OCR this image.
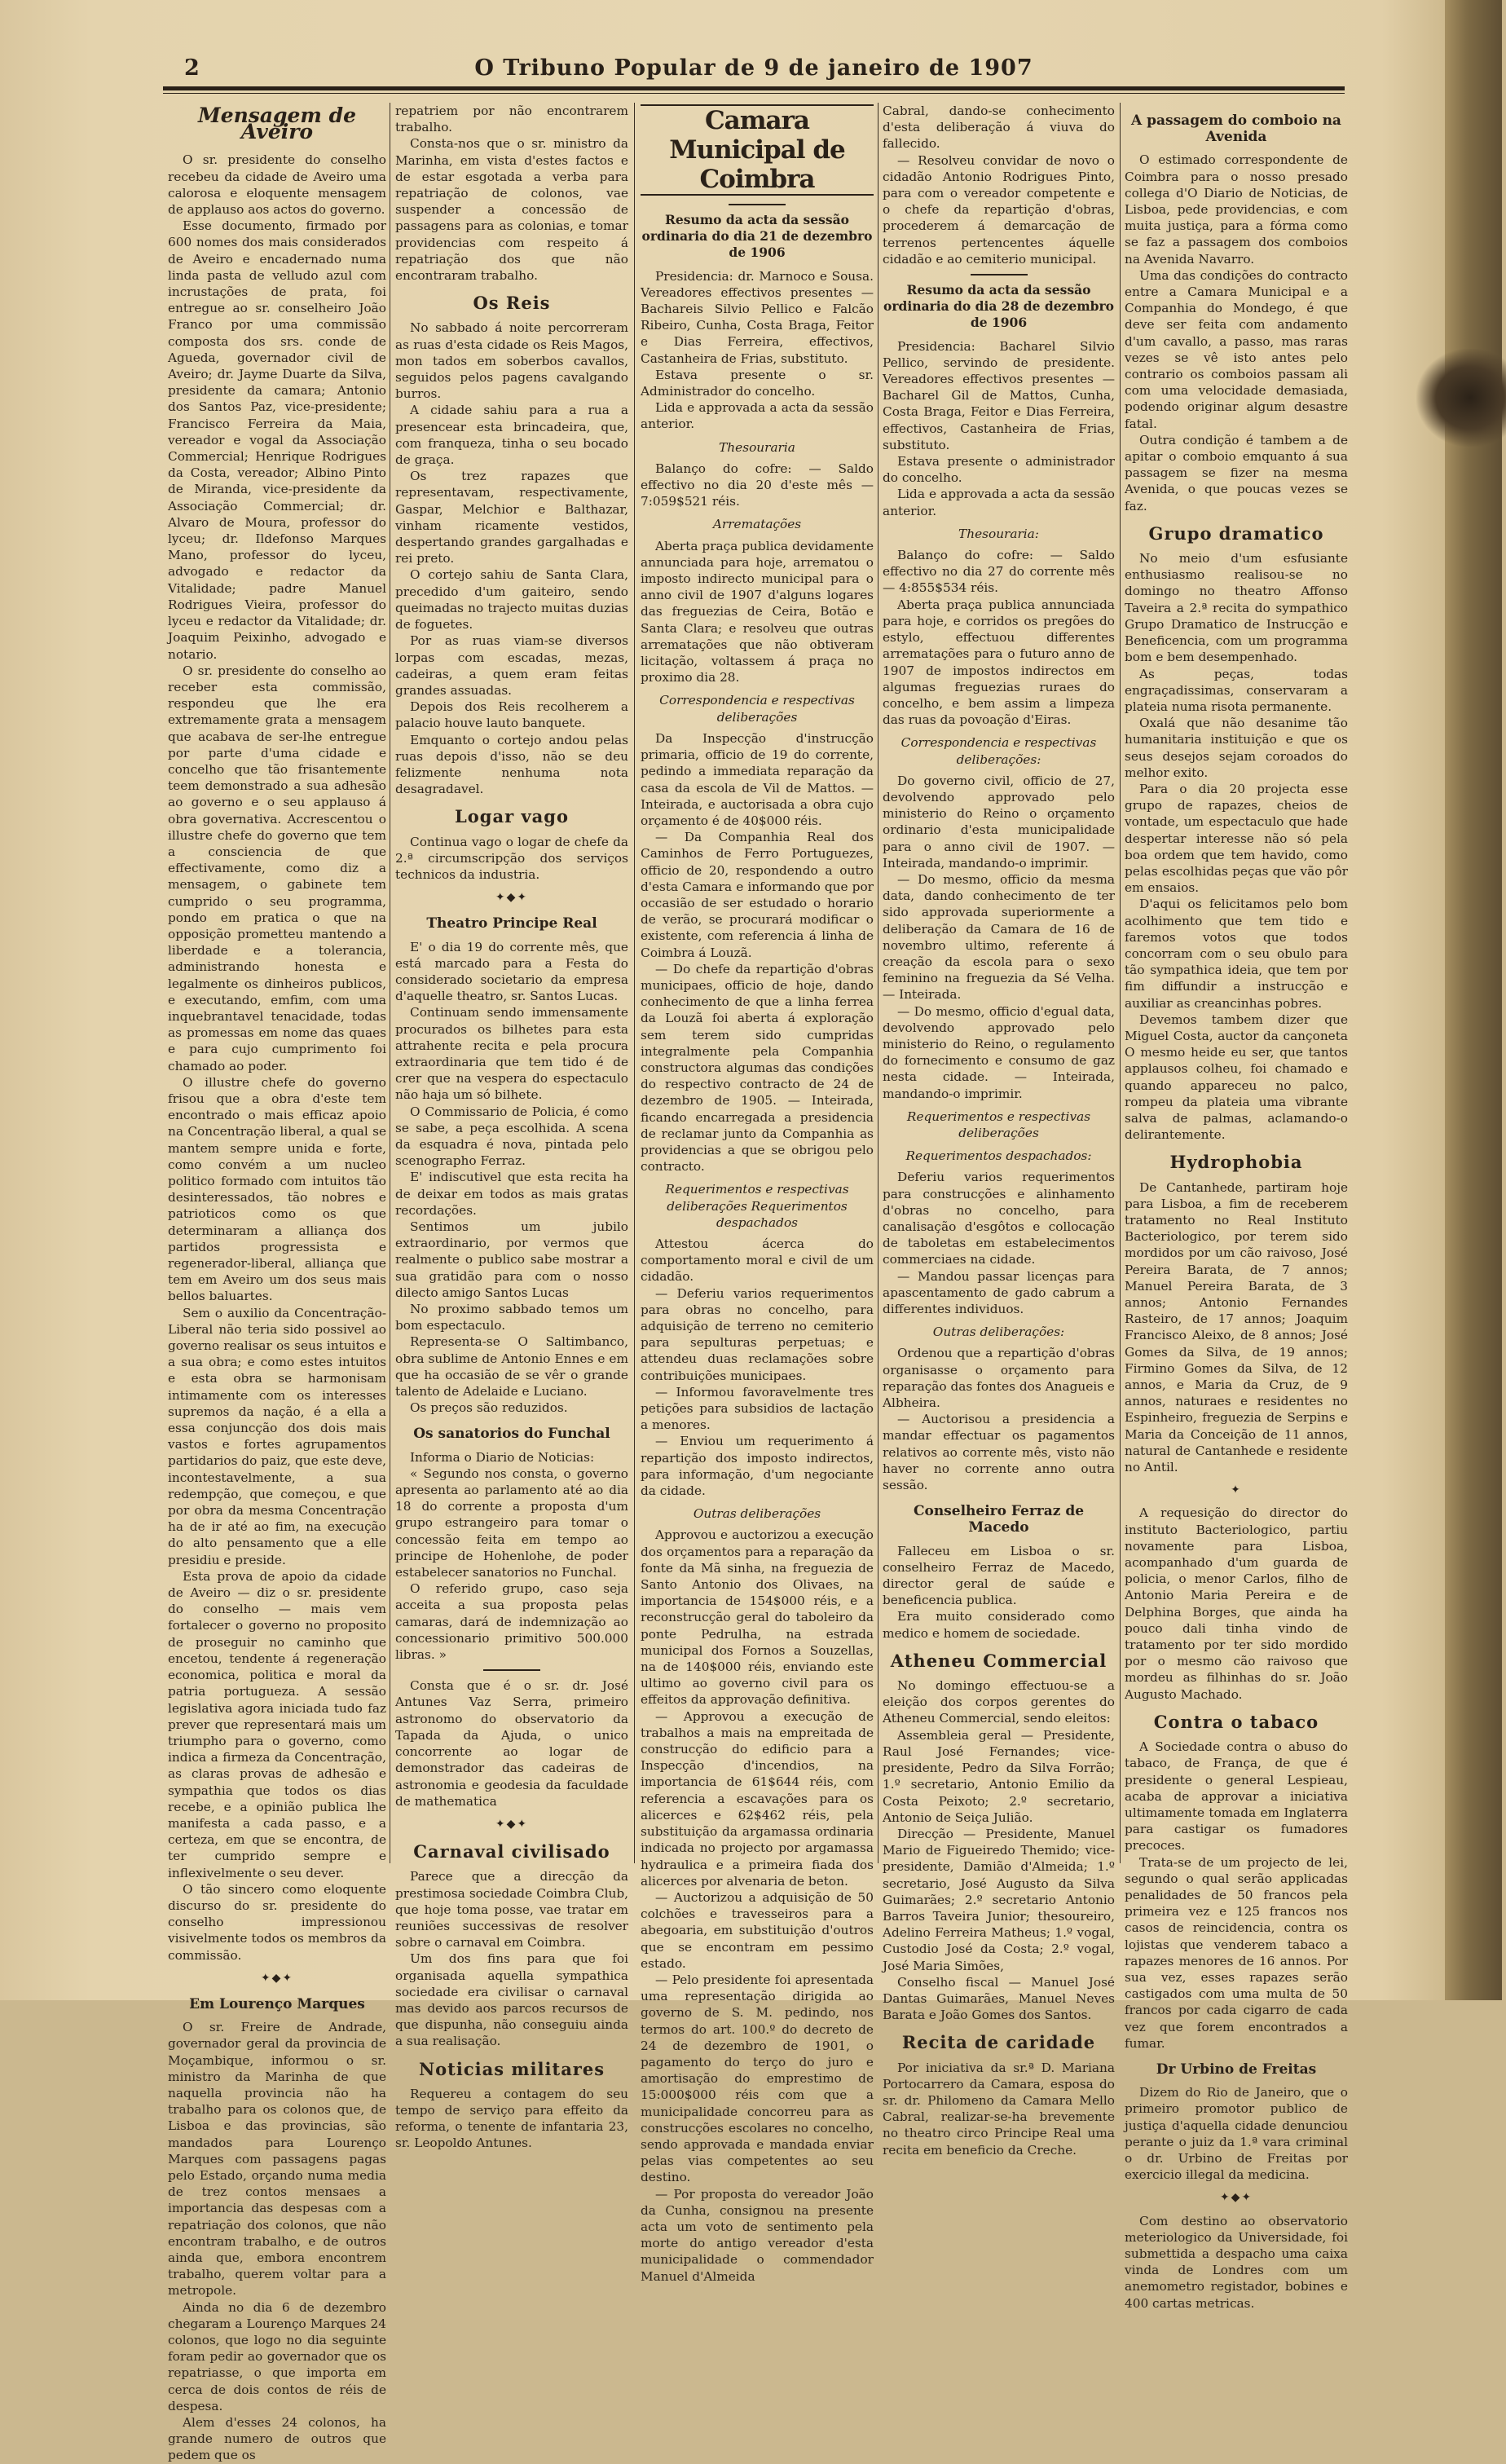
2	O Tribuno Popular de 9 de janeiro de 1907
Mensagem de Aveiro

O sr. presidente do conselho recebeu da cidade de Aveiro uma calorosa e eloquente mensagem de applauso aos actos do governo.

Esse documento, firmado por 600 nomes dos mais considerados de Aveiro e encadernado numa linda pasta de velludo azul com incrustações de prata, foi entregue ao sr. conselheiro João Franco por uma commissão composta dos srs. conde de Agueda, governador civil de Aveiro; dr. Jayme Duarte da Silva, presidente da camara; Antonio dos Santos Paz, vice-presidente; Francisco Ferreira da Maia, vereador e vogal da Associação Commercial; Henrique Rodrigues da Costa, vereador; Albino Pinto de Miranda, vice-presidente da Associação Commercial; dr. Alvaro de Moura, professor do lyceu; dr. Ildefonso Marques Mano, professor do lyceu, advogado e redactor da Vitalidade; padre Manuel Rodrigues Vieira, professor do lyceu e redactor da Vitalidade; dr. Joaquim Peixinho, advogado e notario.

O sr. presidente do conselho ao receber esta commissão, respondeu que lhe era extremamente grata a mensagem que acabava de ser-lhe entregue por parte d'uma cidade e concelho que tão frisantemente teem demonstrado a sua adhesão ao governo e o seu applauso á obra governativa. Accrescentou o illustre chefe do governo que tem a consciencia de que effectivamente, como diz a mensagem, o gabinete tem cumprido o seu programma, pondo em pratica o que na opposição prometteu mantendo a liberdade e a tolerancia, administrando honesta e legalmente os dinheiros publicos, e executando, emfim, com uma inquebrantavel tenacidade, todas as promessas em nome das quaes e para cujo cumprimento foi chamado ao poder.

O illustre chefe do governo frisou que a obra d'este tem encontrado o mais efficaz apoio na Concentração liberal, a qual se mantem sempre unida e forte, como convém a um nucleo politico formado com intuitos tão desinteressados, tão nobres e patrioticos como os que determinaram a alliança dos partidos progressista e regenerador-liberal, alliança que tem em Aveiro um dos seus mais bellos baluartes.

Sem o auxilio da Concentração-Liberal não teria sido possivel ao governo realisar os seus intuitos e a sua obra; e como estes intuitos e esta obra se harmonisam intimamente com os interesses supremos da nação, é a ella a essa conjuncção dos dois mais vastos e fortes agrupamentos partidarios do paiz, que este deve, incontestavelmente, a sua redempção, que começou, e que por obra da mesma Concentração ha de ir até ao fim, na execução do alto pensamento que a elle presidiu e preside.

Esta prova de apoio da cidade de Aveiro — diz o sr. presidente do conselho — mais vem fortalecer o governo no proposito de proseguir no caminho que encetou, tendente á regeneração economica, politica e moral da patria portugueza. A sessão legislativa agora iniciada tudo faz prever que representará mais um triumpho para o governo, como indica a firmeza da Concentração, as claras provas de adhesão e sympathia que todos os dias recebe, e a opinião publica lhe manifesta a cada passo, e a certeza, em que se encontra, de ter cumprido sempre e inflexivelmente o seu dever.

O tão sincero como eloquente discurso do sr. presidente do conselho impressionou visivelmente todos os membros da commissão.

✦◆✦
Em Lourenço Marques

O sr. Freire de Andrade, governador geral da provincia de Moçambique, informou o sr. ministro da Marinha de que naquella provincia não ha trabalho para os colonos que, de Lisboa e das provincias, são mandados para Lourenço Marques com passagens pagas pelo Estado, orçando numa media de trez contos mensaes a importancia das despesas com a repatriação dos colonos, que não encontram trabalho, e de outros ainda que, embora encontrem trabalho, querem voltar para a metropole.

Ainda no dia 6 de dezembro chegaram a Lourenço Marques 24 colonos, que logo no dia seguinte foram pedir ao governador que os repatriasse, o que importa em cerca de dois contos de réis de despesa.

Alem d'esses 24 colonos, ha grande numero de outros que pedem que os

repatriem por não encontrarem trabalho.

Consta-nos que o sr. ministro da Marinha, em vista d'estes factos e de estar esgotada a verba para repatriação de colonos, vae suspender a concessão de passagens para as colonias, e tomar providencias com respeito á repatriação dos que não encontraram trabalho.

Os Reis

No sabbado á noite percorreram as ruas d'esta cidade os Reis Magos, mon tados em soberbos cavallos, seguidos pelos pagens cavalgando burros.

A cidade sahiu para a rua a presencear esta brincadeira, que, com franqueza, tinha o seu bocado de graça.

Os trez rapazes que representavam, respectivamente, Gaspar, Melchior e Balthazar, vinham ricamente vestidos, despertando grandes gargalhadas e rei preto.

O cortejo sahiu de Santa Clara, precedido d'um gaiteiro, sendo queimadas no trajecto muitas duzias de foguetes.

Por as ruas viam-se diversos lorpas com escadas, mezas, cadeiras, a quem eram feitas grandes assuadas.

Depois dos Reis recolherem a palacio houve lauto banquete.

Emquanto o cortejo andou pelas ruas depois d'isso, não se deu felizmente nenhuma nota desagradavel.

Logar vago

Continua vago o logar de chefe da 2.ª circumscripção dos serviços technicos da industria.

✦◆✦
Theatro Principe Real

E' o dia 19 do corrente mês, que está marcado para a Festa do considerado societario da empresa d'aquelle theatro, sr. Santos Lucas.

Continuam sendo immensamente procurados os bilhetes para esta attrahente recita e pela procura extraordinaria que tem tido é de crer que na vespera do espectaculo não haja um só bilhete.

O Commissario de Policia, é como se sabe, a peça escolhida. A scena da esquadra é nova, pintada pelo scenographo Ferraz.

E' indiscutivel que esta recita ha de deixar em todos as mais gratas recordações.

Sentimos um jubilo extraordinario, por vermos que realmente o publico sabe mostrar a sua gratidão para com o nosso dilecto amigo Santos Lucas

No proximo sabbado temos um bom espectaculo.

Representa-se O Saltimbanco, obra sublime de Antonio Ennes e em que ha occasião de se vêr o grande talento de Adelaide e Luciano.

Os preços são reduzidos.

Os sanatorios do Funchal

Informa o Diario de Noticias:

« Segundo nos consta, o governo apresenta ao parlamento até ao dia 18 do corrente a proposta d'um grupo estrangeiro para tomar o concessão feita em tempo ao principe de Hohenlohe, de poder estabelecer sanatorios no Funchal.

O referido grupo, caso seja acceita a sua proposta pelas camaras, dará de indemnização ao concessionario primitivo 500.000 libras. »

Consta que é o sr. dr. José Antunes Vaz Serra, primeiro astronomo do observatorio da Tapada da Ajuda, o unico concorrente ao logar de demonstrador das cadeiras de astronomia e geodesia da faculdade de mathematica

✦◆✦
Carnaval civilisado

Parece que a direcção da prestimosa sociedade Coimbra Club, que hoje toma posse, vae tratar em reuniões successivas de resolver sobre o carnaval em Coimbra.

Um dos fins para que foi organisada aquella sympathica sociedade era civilisar o carnaval mas devido aos parcos recursos de que dispunha, não conseguiu ainda a sua realisação.

Noticias militares

Requereu a contagem do seu tempo de serviço para effeito da reforma, o tenente de infantaria 23, sr. Leopoldo Antunes.

Camara Municipal de Coimbra
Resumo da acta da sessão ordinaria do dia 21 de dezembro de 1906

Presidencia: dr. Marnoco e Sousa. Vereadores effectivos presentes — Bachareis Silvio Pellico e Falcão Ribeiro, Cunha, Costa Braga, Feitor e Dias Ferreira, effectivos, Castanheira de Frias, substituto.

Estava presente o sr. Administrador do concelho.

Lida e approvada a acta da sessão anterior.

Thesouraria

Balanço do cofre: — Saldo effectivo no dia 20 d'este mês — 7:059$521 réis.

Arrematações

Aberta praça publica devidamente annunciada para hoje, arrematou o imposto indirecto municipal para o anno civil de 1907 d'alguns logares das freguezias de Ceira, Botão e Santa Clara; e resolveu que outras arrematações que não obtiveram licitação, voltassem á praça no proximo dia 28.

Correspondencia e respectivas deliberações

Da Inspecção d'instrucção primaria, officio de 19 do corrente, pedindo a immediata reparação da casa da escola de Vil de Mattos. — Inteirada, e auctorisada a obra cujo orçamento é de 40$000 réis.

— Da Companhia Real dos Caminhos de Ferro Portuguezes, officio de 20, respondendo a outro d'esta Camara e informando que por occasião de ser estudado o horario de verão, se procurará modificar o existente, com referencia á linha de Coimbra á Louzã.

— Do chefe da repartição d'obras municipaes, officio de hoje, dando conhecimento de que a linha ferrea da Louzã foi aberta á exploração sem terem sido cumpridas integralmente pela Companhia constructora algumas das condições do respectivo contracto de 24 de dezembro de 1905. — Inteirada, ficando encarregada a presidencia de reclamar junto da Companhia as providencias a que se obrigou pelo contracto.

Requerimentos e respectivas deliberações Requerimentos despachados

Attestou ácerca do comportamento moral e civil de um cidadão.

— Deferiu varios requerimentos para obras no concelho, para adquisição de terreno no cemiterio para sepulturas perpetuas; e attendeu duas reclamações sobre contribuições municipaes.

— Informou favoravelmente tres petições para subsidios de lactação a menores.

— Enviou um requerimento á repartição dos imposto indirectos, para informação, d'um negociante da cidade.

Outras deliberações

Approvou e auctorizou a execução dos orçamentos para a reparação da fonte da Mã sinha, na freguezia de Santo Antonio dos Olivaes, na importancia de 154$000 réis, e a reconstrucção geral do taboleiro da ponte Pedrulha, na estrada municipal dos Fornos a Souzellas, na de 140$000 réis, enviando este ultimo ao governo civil para os effeitos da approvação definitiva.

— Approvou a execução de trabalhos a mais na empreitada de construcção do edificio para a Inspecção d'incendios, na importancia de 61$644 réis, com referencia a escavações para os alicerces e 62$462 réis, pela substituição da argamassa ordinaria indicada no projecto por argamassa hydraulica e a primeira fiada dos alicerces por alvenaria de beton.

— Auctorizou a adquisição de 50 colchões e travesseiros para a abegoaria, em substituição d'outros que se encontram em pessimo estado.

— Pelo presidente foi apresentada uma representação dirigida ao governo de S. M. pedindo, nos termos do art. 100.º do decreto de 24 de dezembro de 1901, o pagamento do terço do juro e amortisação do emprestimo de 15:000$000 réis com que a municipalidade concorreu para as construcções escolares no concelho, sendo approvada e mandada enviar pelas vias competentes ao seu destino.

— Por proposta do vereador João da Cunha, consignou na presente acta um voto de sentimento pela morte do antigo vereador d'esta municipalidade o commendador Manuel d'Almeida

Cabral, dando-se conhecimento d'esta deliberação á viuva do fallecido.

— Resolveu convidar de novo o cidadão Antonio Rodrigues Pinto, para com o vereador competente e o chefe da repartição d'obras, procederem á demarcação de terrenos pertencentes áquelle cidadão e ao cemiterio municipal.

Resumo da acta da sessão ordinaria do dia 28 de dezembro de 1906

Presidencia: Bacharel Silvio Pellico, servindo de presidente. Vereadores effectivos presentes — Bacharel Gil de Mattos, Cunha, Costa Braga, Feitor e Dias Ferreira, effectivos, Castanheira de Frias, substituto.

Estava presente o administrador do concelho.

Lida e approvada a acta da sessão anterior.

Thesouraria:

Balanço do cofre: — Saldo effectivo no dia 27 do corrente mês — 4:855$534 réis.

Aberta praça publica annunciada para hoje, e corridos os pregões do estylo, effectuou differentes arrematações para o futuro anno de 1907 de impostos indirectos em algumas freguezias ruraes do concelho, e bem assim a limpeza das ruas da povoação d'Eiras.

Correspondencia e respectivas deliberações:

Do governo civil, officio de 27, devolvendo approvado pelo ministerio do Reino o orçamento ordinario d'esta municipalidade para o anno civil de 1907. — Inteirada, mandando-o imprimir.

— Do mesmo, officio da mesma data, dando conhecimento de ter sido approvada superiormente a deliberação da Camara de 16 de novembro ultimo, referente á creação da escola para o sexo feminino na freguezia da Sé Velha. — Inteirada.

— Do mesmo, officio d'egual data, devolvendo approvado pelo ministerio do Reino, o regulamento do fornecimento e consumo de gaz nesta cidade. — Inteirada, mandando-o imprimir.

Requerimentos e respectivas deliberações
Requerimentos despachados:

Deferiu varios requerimentos para construcções e alinhamento d'obras no concelho, para canalisação d'esgôtos e collocação de taboletas em estabelecimentos commerciaes na cidade.

— Mandou passar licenças para apascentamento de gado cabrum a differentes individuos.

Outras deliberações:

Ordenou que a repartição d'obras organisasse o orçamento para reparação das fontes dos Anagueis e Albheira.

— Auctorisou a presidencia a mandar effectuar os pagamentos relativos ao corrente mês, visto não haver no corrente anno outra sessão.

Conselheiro Ferraz de Macedo

Falleceu em Lisboa o sr. conselheiro Ferraz de Macedo, director geral de saúde e beneficencia publica.

Era muito considerado como medico e homem de sociedade.

Atheneu Commercial

No domingo effectuou-se a eleição dos corpos gerentes do Atheneu Commercial, sendo eleitos:

Assembleia geral — Presidente, Raul José Fernandes; vice-presidente, Pedro da Silva Forrão; 1.º secretario, Antonio Emilio da Costa Peixoto; 2.º secretario, Antonio de Seiça Julião.

Direcção — Presidente, Manuel Mario de Figueiredo Themido; vice-presidente, Damião d'Almeida; 1.º secretario, José Augusto da Silva Guimarães; 2.º secretario Antonio Barros Taveira Junior; thesoureiro, Adelino Ferreira Matheus; 1.º vogal, Custodio José da Costa; 2.º vogal, José Maria Simões,

Conselho fiscal — Manuel José Dantas Guimarães, Manuel Neves Barata e João Gomes dos Santos.

Recita de caridade

Por iniciativa da sr.ª D. Mariana Portocarrero da Camara, esposa do sr. dr. Philomeno da Camara Mello Cabral, realizar-se-ha brevemente no theatro circo Principe Real uma recita em beneficio da Creche.

A passagem do comboio na Avenida

O estimado correspondente de Coimbra para o nosso presado collega d'O Diario de Noticias, de Lisboa, pede providencias, e com muita justiça, para a fórma como se faz a passagem dos comboios na Avenida Navarro.

Uma das condições do contracto entre a Camara Municipal e a Companhia do Mondego, é que deve ser feita com andamento d'um cavallo, a passo, mas raras vezes se vê isto antes pelo contrario os comboios passam ali com uma velocidade demasiada, podendo originar algum desastre fatal.

Outra condição é tambem a de apitar o comboio emquanto á sua passagem se fizer na mesma Avenida, o que poucas vezes se faz.

Grupo dramatico

No meio d'um esfusiante enthusiasmo realisou-se no domingo no theatro Affonso Taveira a 2.ª recita do sympathico Grupo Dramatico de Instrucção e Beneficencia, com um programma bom e bem desempenhado.

As peças, todas engraçadissimas, conservaram a plateia numa risota permanente.

Oxalá que não desanime tão humanitaria instituição e que os seus desejos sejam coroados do melhor exito.

Para o dia 20 projecta esse grupo de rapazes, cheios de vontade, um espectaculo que hade despertar interesse não só pela boa ordem que tem havido, como pelas escolhidas peças que vão pôr em ensaios.

D'aqui os felicitamos pelo bom acolhimento que tem tido e faremos votos que todos concorram com o seu obulo para tão sympathica ideia, que tem por fim diffundir a instrucção e auxiliar as creancinhas pobres.

Devemos tambem dizer que Miguel Costa, auctor da cançoneta O mesmo heide eu ser, que tantos applausos colheu, foi chamado e quando appareceu no palco, rompeu da plateia uma vibrante salva de palmas, aclamando-o delirantemente.

Hydrophobia

De Cantanhede, partiram hoje para Lisboa, a fim de receberem tratamento no Real Instituto Bacteriologico, por terem sido mordidos por um cão raivoso, José Pereira Barata, de 7 annos; Manuel Pereira Barata, de 3 annos; Antonio Fernandes Rasteiro, de 17 annos; Joaquim Francisco Aleixo, de 8 annos; José Gomes da Silva, de 19 annos; Firmino Gomes da Silva, de 12 annos, e Maria da Cruz, de 9 annos, naturaes e residentes no Espinheiro, freguezia de Serpins e Maria da Conceição de 11 annos, natural de Cantanhede e residente no Antil.

✦

A requesição do director do instituto Bacteriologico, partiu novamente para Lisboa, acompanhado d'um guarda de policia, o menor Carlos, filho de Antonio Maria Pereira e de Delphina Borges, que ainda ha pouco dali tinha vindo de tratamento por ter sido mordido por o mesmo cão raivoso que mordeu as filhinhas do sr. João Augusto Machado.

Contra o tabaco

A Sociedade contra o abuso do tabaco, de França, de que é presidente o general Lespieau, acaba de approvar a iniciativa ultimamente tomada em Inglaterra para castigar os fumadores precoces.

Trata-se de um projecto de lei, segundo o qual serão applicadas penalidades de 50 francos pela primeira vez e 125 francos nos casos de reincidencia, contra os lojistas que venderem tabaco a rapazes menores de 16 annos. Por sua vez, esses rapazes serão castigados com uma multa de 50 francos por cada cigarro de cada vez que forem encontrados a fumar.

Dr Urbino de Freitas

Dizem do Rio de Janeiro, que o primeiro promotor publico de justiça d'aquella cidade denunciou perante o juiz da 1.ª vara criminal o dr. Urbino de Freitas por exercicio illegal da medicina.

✦◆✦

Com destino ao observatorio meteriologico da Universidade, foi submettida a despacho uma caixa vinda de Londres com um anemometro registador, bobines e 400 cartas metricas.
